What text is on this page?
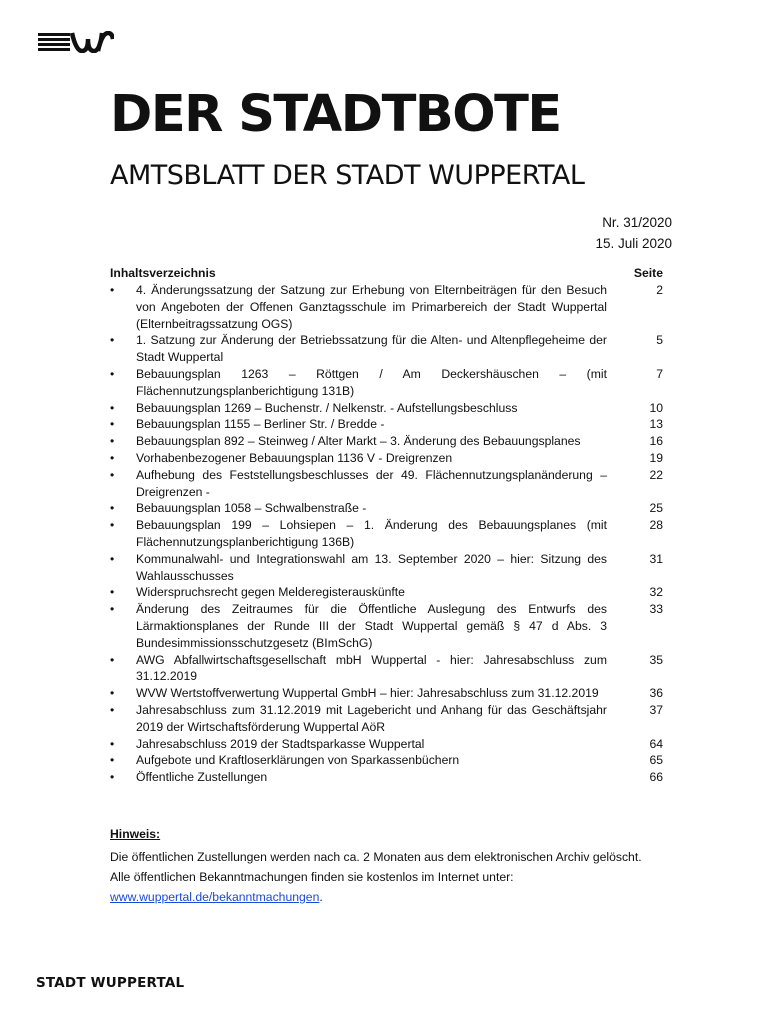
DER STADTBOTE
AMTSBLATT DER STADT WUPPERTAL
Nr. 31/2020
15. Juli 2020
Inhaltsverzeichnis	Seite
•
4. Änderungssatzung der Satzung zur Erhebung von Elternbeiträgen für den Besuch von Angeboten der Offenen Ganztagsschule im Primarbereich der Stadt Wuppertal (Elternbeitragssatzung OGS)
2
•
1. Satzung zur Änderung der Betriebssatzung für die Alten- und Altenpflegeheime der Stadt Wuppertal
5
•
Bebauungsplan 1263 – Röttgen / Am Deckershäuschen – (mit Flächennutzungsplanberichtigung 131B)
7
•
Bebauungsplan 1269 – Buchenstr. / Nelkenstr. - Aufstellungsbeschluss	10
•
Bebauungsplan 1155 – Berliner Str. / Bredde -	13
•
Bebauungsplan 892 – Steinweg / Alter Markt – 3. Änderung des Bebauungsplanes	16
•
Vorhabenbezogener Bebauungsplan 1136 V - Dreigrenzen	19
•
Aufhebung des Feststellungsbeschlusses der 49. Flächennutzungsplanänderung – Dreigrenzen -
22
•
Bebauungsplan 1058 – Schwalbenstraße -	25
•
Bebauungsplan 199 – Lohsiepen – 1. Änderung des Bebauungsplanes (mit Flächennutzungsplanberichtigung 136B)
28
•
Kommunalwahl- und Integrationswahl am 13. September 2020 – hier: Sitzung des Wahlausschusses
31
•
Widerspruchsrecht gegen Melderegisterauskünfte	32
•
Änderung des Zeitraumes für die Öffentliche Auslegung des Entwurfs des Lärmaktionsplanes der Runde III der Stadt Wuppertal gemäß § 47 d Abs. 3 Bundesimmissionsschutzgesetz (BImSchG)
33
•
AWG Abfallwirtschaftsgesellschaft mbH Wuppertal - hier: Jahresabschluss zum 31.12.2019
35
•
WVW Wertstoffverwertung Wuppertal GmbH – hier: Jahresabschluss zum 31.12.2019	36
•
Jahresabschluss zum 31.12.2019 mit Lagebericht und Anhang für das Geschäftsjahr 2019 der Wirtschaftsförderung Wuppertal AöR
37
•
Jahresabschluss 2019 der Stadtsparkasse Wuppertal	64
•
Aufgebote und Kraftloserklärungen von Sparkassenbüchern	65
•
Öffentliche Zustellungen	66
Hinweis:
Die öffentlichen Zustellungen werden nach ca. 2 Monaten aus dem elektronischen Archiv gelöscht.
Alle öffentlichen Bekanntmachungen finden sie kostenlos im Internet unter:
www.wuppertal.de/bekanntmachungen.
STADT WUPPERTAL
